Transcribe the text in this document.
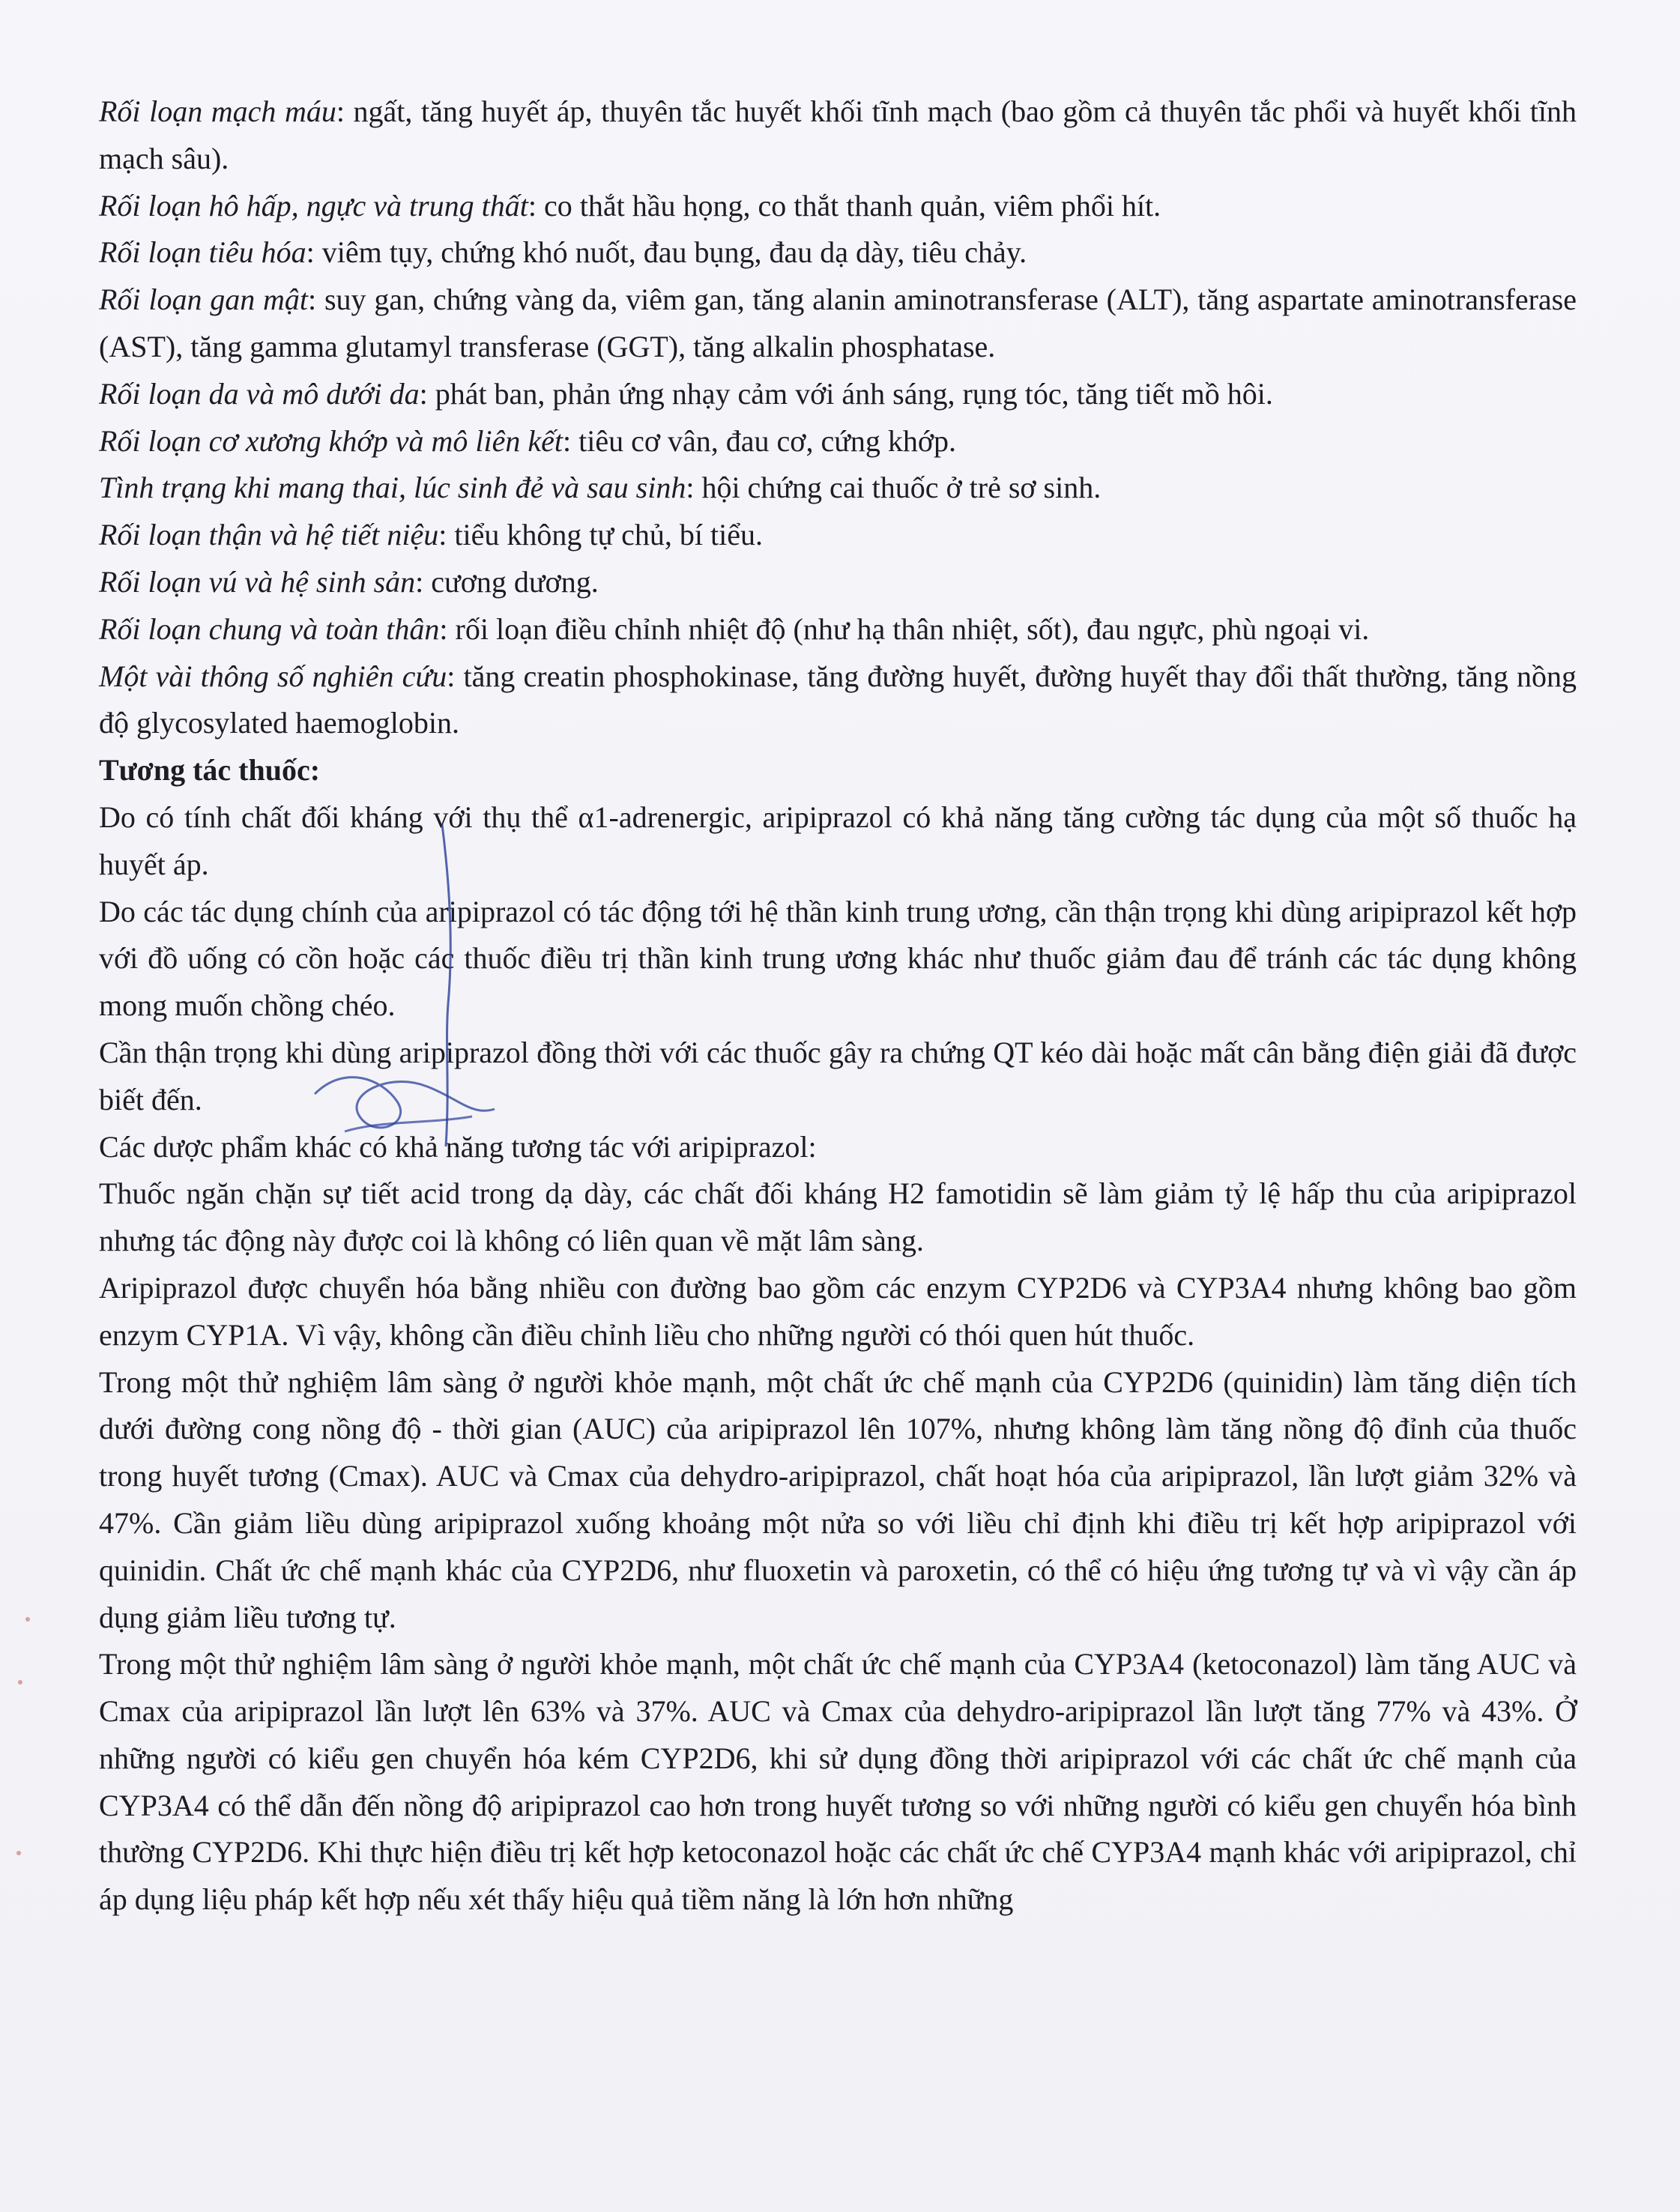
Rối loạn mạch máu: ngất, tăng huyết áp, thuyên tắc huyết khối tĩnh mạch (bao gồm cả thuyên tắc phổi và huyết khối tĩnh mạch sâu).

Rối loạn hô hấp, ngực và trung thất: co thắt hầu họng, co thắt thanh quản, viêm phổi hít.

Rối loạn tiêu hóa: viêm tụy, chứng khó nuốt, đau bụng, đau dạ dày, tiêu chảy.

Rối loạn gan mật: suy gan, chứng vàng da, viêm gan, tăng alanin aminotransferase (ALT), tăng aspartate aminotransferase (AST), tăng gamma glutamyl transferase (GGT), tăng alkalin phosphatase.

Rối loạn da và mô dưới da: phát ban, phản ứng nhạy cảm với ánh sáng, rụng tóc, tăng tiết mồ hôi.

Rối loạn cơ xương khớp và mô liên kết: tiêu cơ vân, đau cơ, cứng khớp.

Tình trạng khi mang thai, lúc sinh đẻ và sau sinh: hội chứng cai thuốc ở trẻ sơ sinh.

Rối loạn thận và hệ tiết niệu: tiểu không tự chủ, bí tiểu.

Rối loạn vú và hệ sinh sản: cương dương.

Rối loạn chung và toàn thân: rối loạn điều chỉnh nhiệt độ (như hạ thân nhiệt, sốt), đau ngực, phù ngoại vi.

Một vài thông số nghiên cứu: tăng creatin phosphokinase, tăng đường huyết, đường huyết thay đổi thất thường, tăng nồng độ glycosylated haemoglobin.

Tương tác thuốc:

Do có tính chất đối kháng với thụ thể α1-adrenergic, aripiprazol có khả năng tăng cường tác dụng của một số thuốc hạ huyết áp.

Do các tác dụng chính của aripiprazol có tác động tới hệ thần kinh trung ương, cần thận trọng khi dùng aripiprazol kết hợp với đồ uống có cồn hoặc các thuốc điều trị thần kinh trung ương khác như thuốc giảm đau để tránh các tác dụng không mong muốn chồng chéo.

Cần thận trọng khi dùng aripiprazol đồng thời với các thuốc gây ra chứng QT kéo dài hoặc mất cân bằng điện giải đã được biết đến.

Các dược phẩm khác có khả năng tương tác với aripiprazol:

Thuốc ngăn chặn sự tiết acid trong dạ dày, các chất đối kháng H2 famotidin sẽ làm giảm tỷ lệ hấp thu của aripiprazol nhưng tác động này được coi là không có liên quan về mặt lâm sàng.

Aripiprazol được chuyển hóa bằng nhiều con đường bao gồm các enzym CYP2D6 và CYP3A4 nhưng không bao gồm enzym CYP1A. Vì vậy, không cần điều chỉnh liều cho những người có thói quen hút thuốc.

Trong một thử nghiệm lâm sàng ở người khỏe mạnh, một chất ức chế mạnh của CYP2D6 (quinidin) làm tăng diện tích dưới đường cong nồng độ - thời gian (AUC) của aripiprazol lên 107%, nhưng không làm tăng nồng độ đỉnh của thuốc trong huyết tương (Cmax). AUC và Cmax của dehydro-aripiprazol, chất hoạt hóa của aripiprazol, lần lượt giảm 32% và 47%. Cần giảm liều dùng aripiprazol xuống khoảng một nửa so với liều chỉ định khi điều trị kết hợp aripiprazol với quinidin. Chất ức chế mạnh khác của CYP2D6, như fluoxetin và paroxetin, có thể có hiệu ứng tương tự và vì vậy cần áp dụng giảm liều tương tự.

Trong một thử nghiệm lâm sàng ở người khỏe mạnh, một chất ức chế mạnh của CYP3A4 (ketoconazol) làm tăng AUC và Cmax của aripiprazol lần lượt lên 63% và 37%. AUC và Cmax của dehydro-aripiprazol lần lượt tăng 77% và 43%. Ở những người có kiểu gen chuyển hóa kém CYP2D6, khi sử dụng đồng thời aripiprazol với các chất ức chế mạnh của CYP3A4 có thể dẫn đến nồng độ aripiprazol cao hơn trong huyết tương so với những người có kiểu gen chuyển hóa bình thường CYP2D6. Khi thực hiện điều trị kết hợp ketoconazol hoặc các chất ức chế CYP3A4 mạnh khác với aripiprazol, chỉ áp dụng liệu pháp kết hợp nếu xét thấy hiệu quả tiềm năng là lớn hơn những
